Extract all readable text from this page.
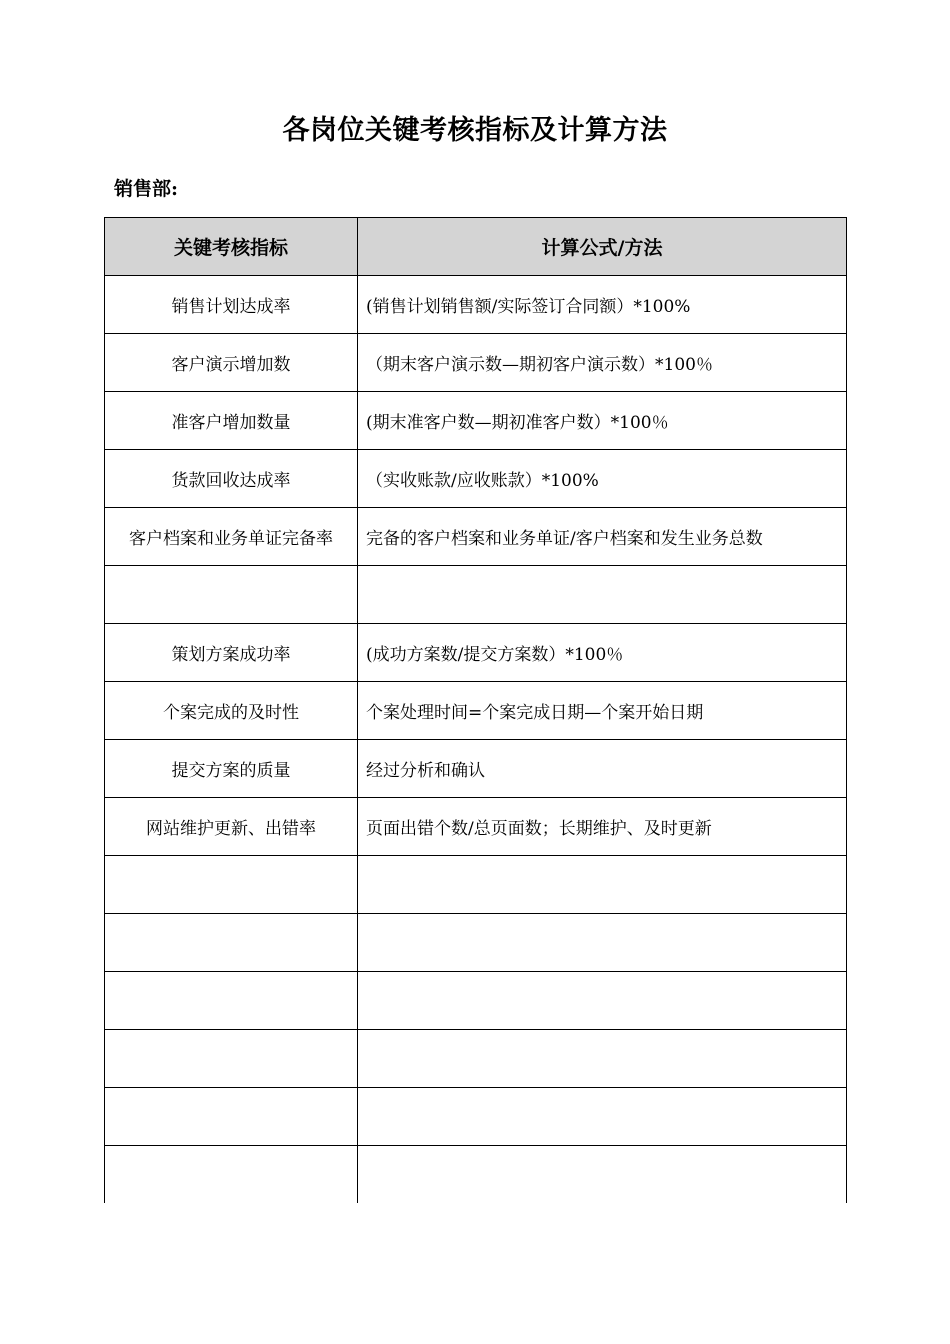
各岗位关键考核指标及计算方法
销售部:
关键考核指标	计算公式/方法
销售计划达成率	(销售计划销售额/实际签订合同额）*100%
客户演示增加数	（期末客户演示数—期初客户演示数）*100％
准客户增加数量	(期末准客户数—期初准客户数）*100％
货款回收达成率	（实收账款/应收账款）*100%
客户档案和业务单证完备率	完备的客户档案和业务单证/客户档案和发生业务总数

策划方案成功率	(成功方案数/提交方案数）*100％
个案完成的及时性	个案处理时间=个案完成日期—个案开始日期
提交方案的质量	经过分析和确认
网站维护更新、出错率	页面出错个数/总页面数；长期维护、及时更新
